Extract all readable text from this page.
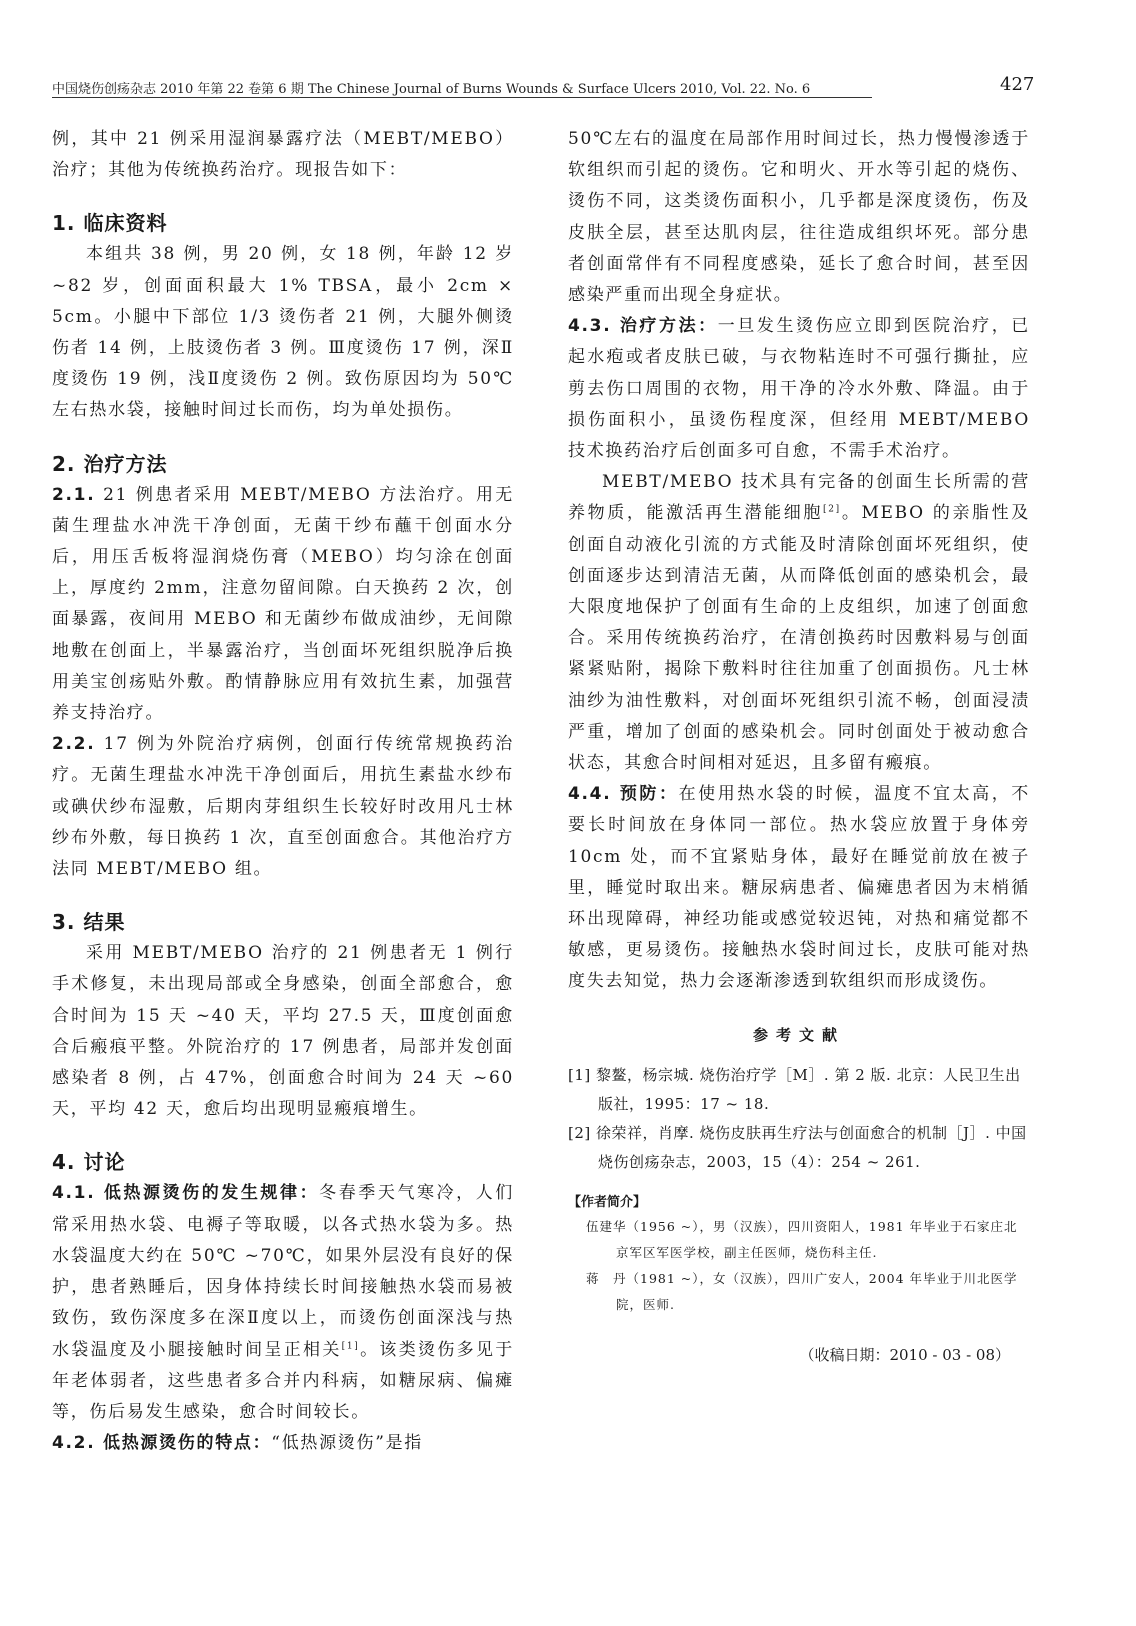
中国烧伤创疡杂志 2010 年第 22 卷第 6 期 The Chinese Journal of Burns Wounds & Surface Ulcers 2010, Vol. 22. No. 6	427

例，其中 21 例采用湿润暴露疗法（MEBT/MEBO）治疗；其他为传统换药治疗。现报告如下：

1. 临床资料

本组共 38 例，男 20 例，女 18 例，年龄 12 岁 ~82 岁，创面面积最大 1% TBSA，最小 2cm × 5cm。小腿中下部位 1/3 烫伤者 21 例，大腿外侧烫伤者 14 例，上肢烫伤者 3 例。Ⅲ度烫伤 17 例，深Ⅱ度烫伤 19 例，浅Ⅱ度烫伤 2 例。致伤原因均为 50℃左右热水袋，接触时间过长而伤，均为单处损伤。

2. 治疗方法

2.1. 21 例患者采用 MEBT/MEBO 方法治疗。用无菌生理盐水冲洗干净创面，无菌干纱布蘸干创面水分后，用压舌板将湿润烧伤膏（MEBO）均匀涂在创面上，厚度约 2mm，注意勿留间隙。白天换药 2 次，创面暴露，夜间用 MEBO 和无菌纱布做成油纱，无间隙地敷在创面上，半暴露治疗，当创面坏死组织脱净后换用美宝创疡贴外敷。酌情静脉应用有效抗生素，加强营养支持治疗。

2.2. 17 例为外院治疗病例，创面行传统常规换药治疗。无菌生理盐水冲洗干净创面后，用抗生素盐水纱布或碘伏纱布湿敷，后期肉芽组织生长较好时改用凡士林纱布外敷，每日换药 1 次，直至创面愈合。其他治疗方法同 MEBT/MEBO 组。

3. 结果

采用 MEBT/MEBO 治疗的 21 例患者无 1 例行手术修复，未出现局部或全身感染，创面全部愈合，愈合时间为 15 天 ~40 天，平均 27.5 天，Ⅲ度创面愈合后瘢痕平整。外院治疗的 17 例患者，局部并发创面感染者 8 例，占 47%，创面愈合时间为 24 天 ~60 天，平均 42 天，愈后均出现明显瘢痕增生。

4. 讨论

4.1. 低热源烫伤的发生规律：冬春季天气寒冷，人们常采用热水袋、电褥子等取暖，以各式热水袋为多。热水袋温度大约在 50℃ ~70℃，如果外层没有良好的保护，患者熟睡后，因身体持续长时间接触热水袋而易被致伤，致伤深度多在深Ⅱ度以上，而烫伤创面深浅与热水袋温度及小腿接触时间呈正相关[1]。该类烫伤多见于年老体弱者，这些患者多合并内科病，如糖尿病、偏瘫等，伤后易发生感染，愈合时间较长。

4.2. 低热源烫伤的特点：“低热源烫伤”是指

50℃左右的温度在局部作用时间过长，热力慢慢渗透于软组织而引起的烫伤。它和明火、开水等引起的烧伤、烫伤不同，这类烫伤面积小，几乎都是深度烫伤，伤及皮肤全层，甚至达肌肉层，往往造成组织坏死。部分患者创面常伴有不同程度感染，延长了愈合时间，甚至因感染严重而出现全身症状。

4.3. 治疗方法：一旦发生烫伤应立即到医院治疗，已起水疱或者皮肤已破，与衣物粘连时不可强行撕扯，应剪去伤口周围的衣物，用干净的冷水外敷、降温。由于损伤面积小，虽烫伤程度深，但经用 MEBT/MEBO 技术换药治疗后创面多可自愈，不需手术治疗。

MEBT/MEBO 技术具有完备的创面生长所需的营养物质，能激活再生潜能细胞[2]。MEBO 的亲脂性及创面自动液化引流的方式能及时清除创面坏死组织，使创面逐步达到清洁无菌，从而降低创面的感染机会，最大限度地保护了创面有生命的上皮组织，加速了创面愈合。采用传统换药治疗，在清创换药时因敷料易与创面紧紧贴附，揭除下敷料时往往加重了创面损伤。凡士林油纱为油性敷料，对创面坏死组织引流不畅，创面浸渍严重，增加了创面的感染机会。同时创面处于被动愈合状态，其愈合时间相对延迟，且多留有瘢痕。

4.4. 预防：在使用热水袋的时候，温度不宜太高，不要长时间放在身体同一部位。热水袋应放置于身体旁 10cm 处，而不宜紧贴身体，最好在睡觉前放在被子里，睡觉时取出来。糖尿病患者、偏瘫患者因为末梢循环出现障碍，神经功能或感觉较迟钝，对热和痛觉都不敏感，更易烫伤。接触热水袋时间过长，皮肤可能对热度失去知觉，热力会逐渐渗透到软组织而形成烫伤。

参考文献

[1] 黎鳌，杨宗城. 烧伤治疗学［M］. 第 2 版. 北京：人民卫生出版社，1995：17 ~ 18.

[2] 徐荣祥，肖摩. 烧伤皮肤再生疗法与创面愈合的机制［J］. 中国烧伤创疡杂志，2003，15（4）：254 ~ 261.

【作者简介】

伍建华（1956 ~），男（汉族），四川资阳人，1981 年毕业于石家庄北京军区军医学校，副主任医师，烧伤科主任.

蒋　丹（1981 ~），女（汉族），四川广安人，2004 年毕业于川北医学院，医师.

（收稿日期：2010 - 03 - 08）
